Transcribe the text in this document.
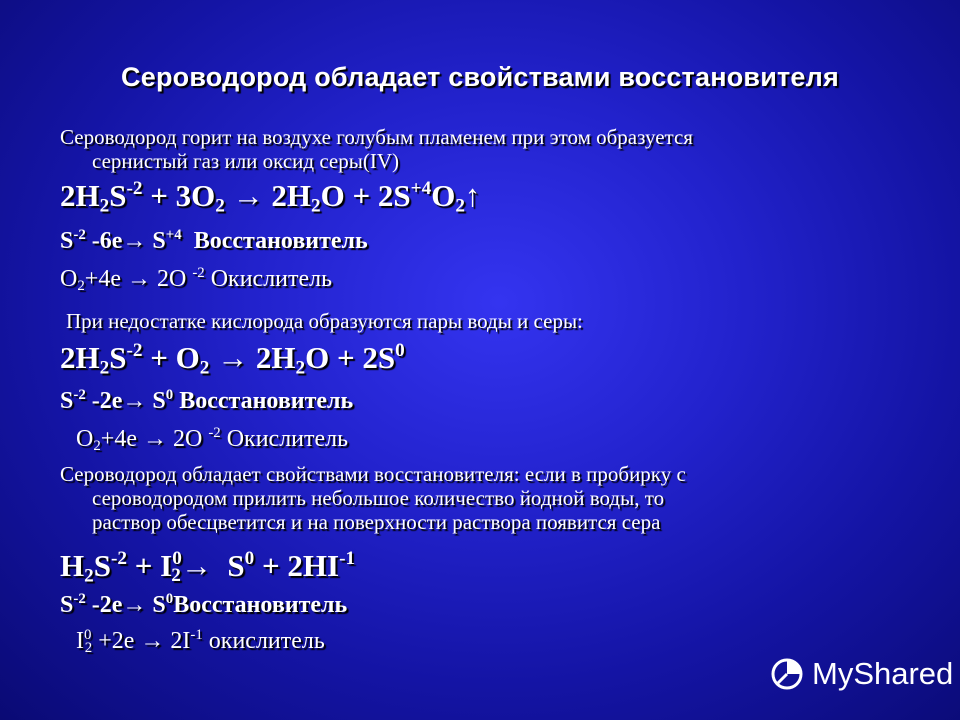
Сероводород обладает свойствами восстановителя
Сероводород горит на воздухе голубым пламенем при этом образуется
сернистый газ или оксид серы(IV)
$2H_2S^{-2} + 3O_2 \to 2H_2O$ + $2S^{+4}O_2↑$
$S^{-2}$ $-6e\to S^{+4}$  Восстановитель
$O_2+4e \to 2O$ $^{-2}$ Окислитель
При недостатке кислорода образуются пары воды и серы:
$2H_2S^{-2} + O_2 \to 2H_2O + 2S^0$
$S^{-2}$ $-2e\to S^0$ Восстановитель
$O_2+4e \to 2O$ $^{-2}$ Окислитель
Сероводород обладает свойствами восстановителя: если в пробирку с
сероводородом прилить небольшое количество йодной воды, то
раствор обесцветится и на поверхности раствора появится сера
$H_2S^{-2} + I^0_2\to S^0 + 2HI^{-1}$
$S^{-2}$ $-2e\to S^0Восстановитель$
$I^0_2 +2e \to 2I^{-1}$ окислитель
MyShared
